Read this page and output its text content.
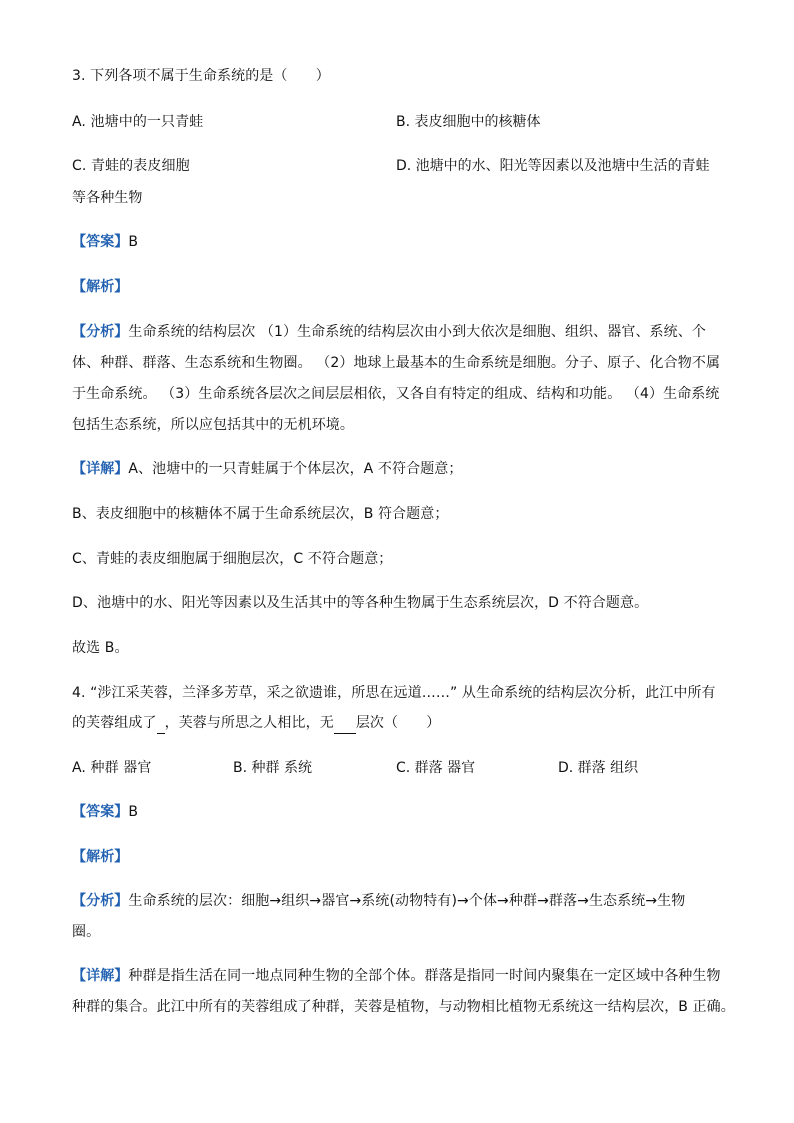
3. 下列各项不属于生命系统的是（　　）
A. 池塘中的一只青蛙	B. 表皮细胞中的核糖体
C. 青蛙的表皮细胞	D. 池塘中的水、阳光等因素以及池塘中生活的青蛙
等各种生物
【答案】B
【解析】
【分析】生命系统的结构层次 （1）生命系统的结构层次由小到大依次是细胞、组织、器官、系统、个
体、种群、群落、生态系统和生物圈。 （2）地球上最基本的生命系统是细胞。分子、原子、化合物不属
于生命系统。 （3）生命系统各层次之间层层相依，又各自有特定的组成、结构和功能。 （4）生命系统
包括生态系统，所以应包括其中的无机环境。
【详解】A、池塘中的一只青蛙属于个体层次，A 不符合题意；
B、表皮细胞中的核糖体不属于生命系统层次，B 符合题意；
C、青蛙的表皮细胞属于细胞层次，C 不符合题意；
D、池塘中的水、阳光等因素以及生活其中的等各种生物属于生态系统层次，D 不符合题意。
故选 B。
4. “涉江采芙蓉，兰泽多芳草，采之欲遗谁，所思在远道……” 从生命系统的结构层次分析，此江中所有
的芙蓉组成了 ，芙蓉与所思之人相比，无 层次（　　）
A. 种群 器官	B. 种群 系统	C. 群落 器官	D. 群落 组织
【答案】B
【解析】
【分析】生命系统的层次：细胞→组织→器官→系统(动物特有)→个体→种群→群落→生态系统→生物
圈。
【详解】种群是指生活在同一地点同种生物的全部个体。群落是指同一时间内聚集在一定区域中各种生物
种群的集合。此江中所有的芙蓉组成了种群，芙蓉是植物，与动物相比植物无系统这一结构层次，B 正确。
